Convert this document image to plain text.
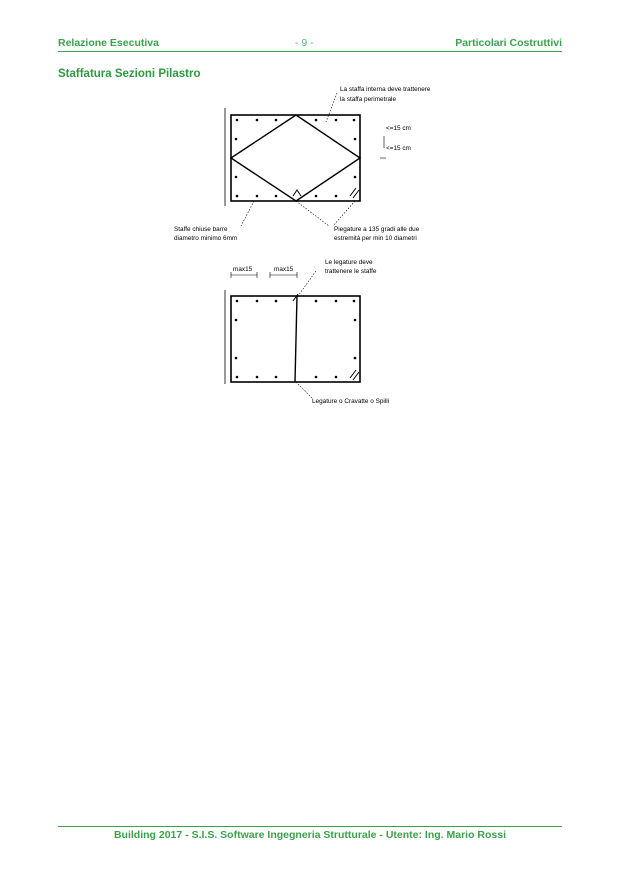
Relazione Esecutiva	- 9 -	Particolari Costruttivi
Staffatura Sezioni Pilastro
La staffa interna deve trattenere
la staffa perimetrale
<=15 cm
<=15 cm
Staffe chiuse barre
diametro minimo 6mm
Piegature a 135 gradi alle due
estremità per min 10 diametri
max15	max15
Le legature deve
trattenere le staffe
Legature o Cravatte o Spilli
Building 2017 - S.I.S. Software Ingegneria Strutturale - Utente: Ing. Mario Rossi
